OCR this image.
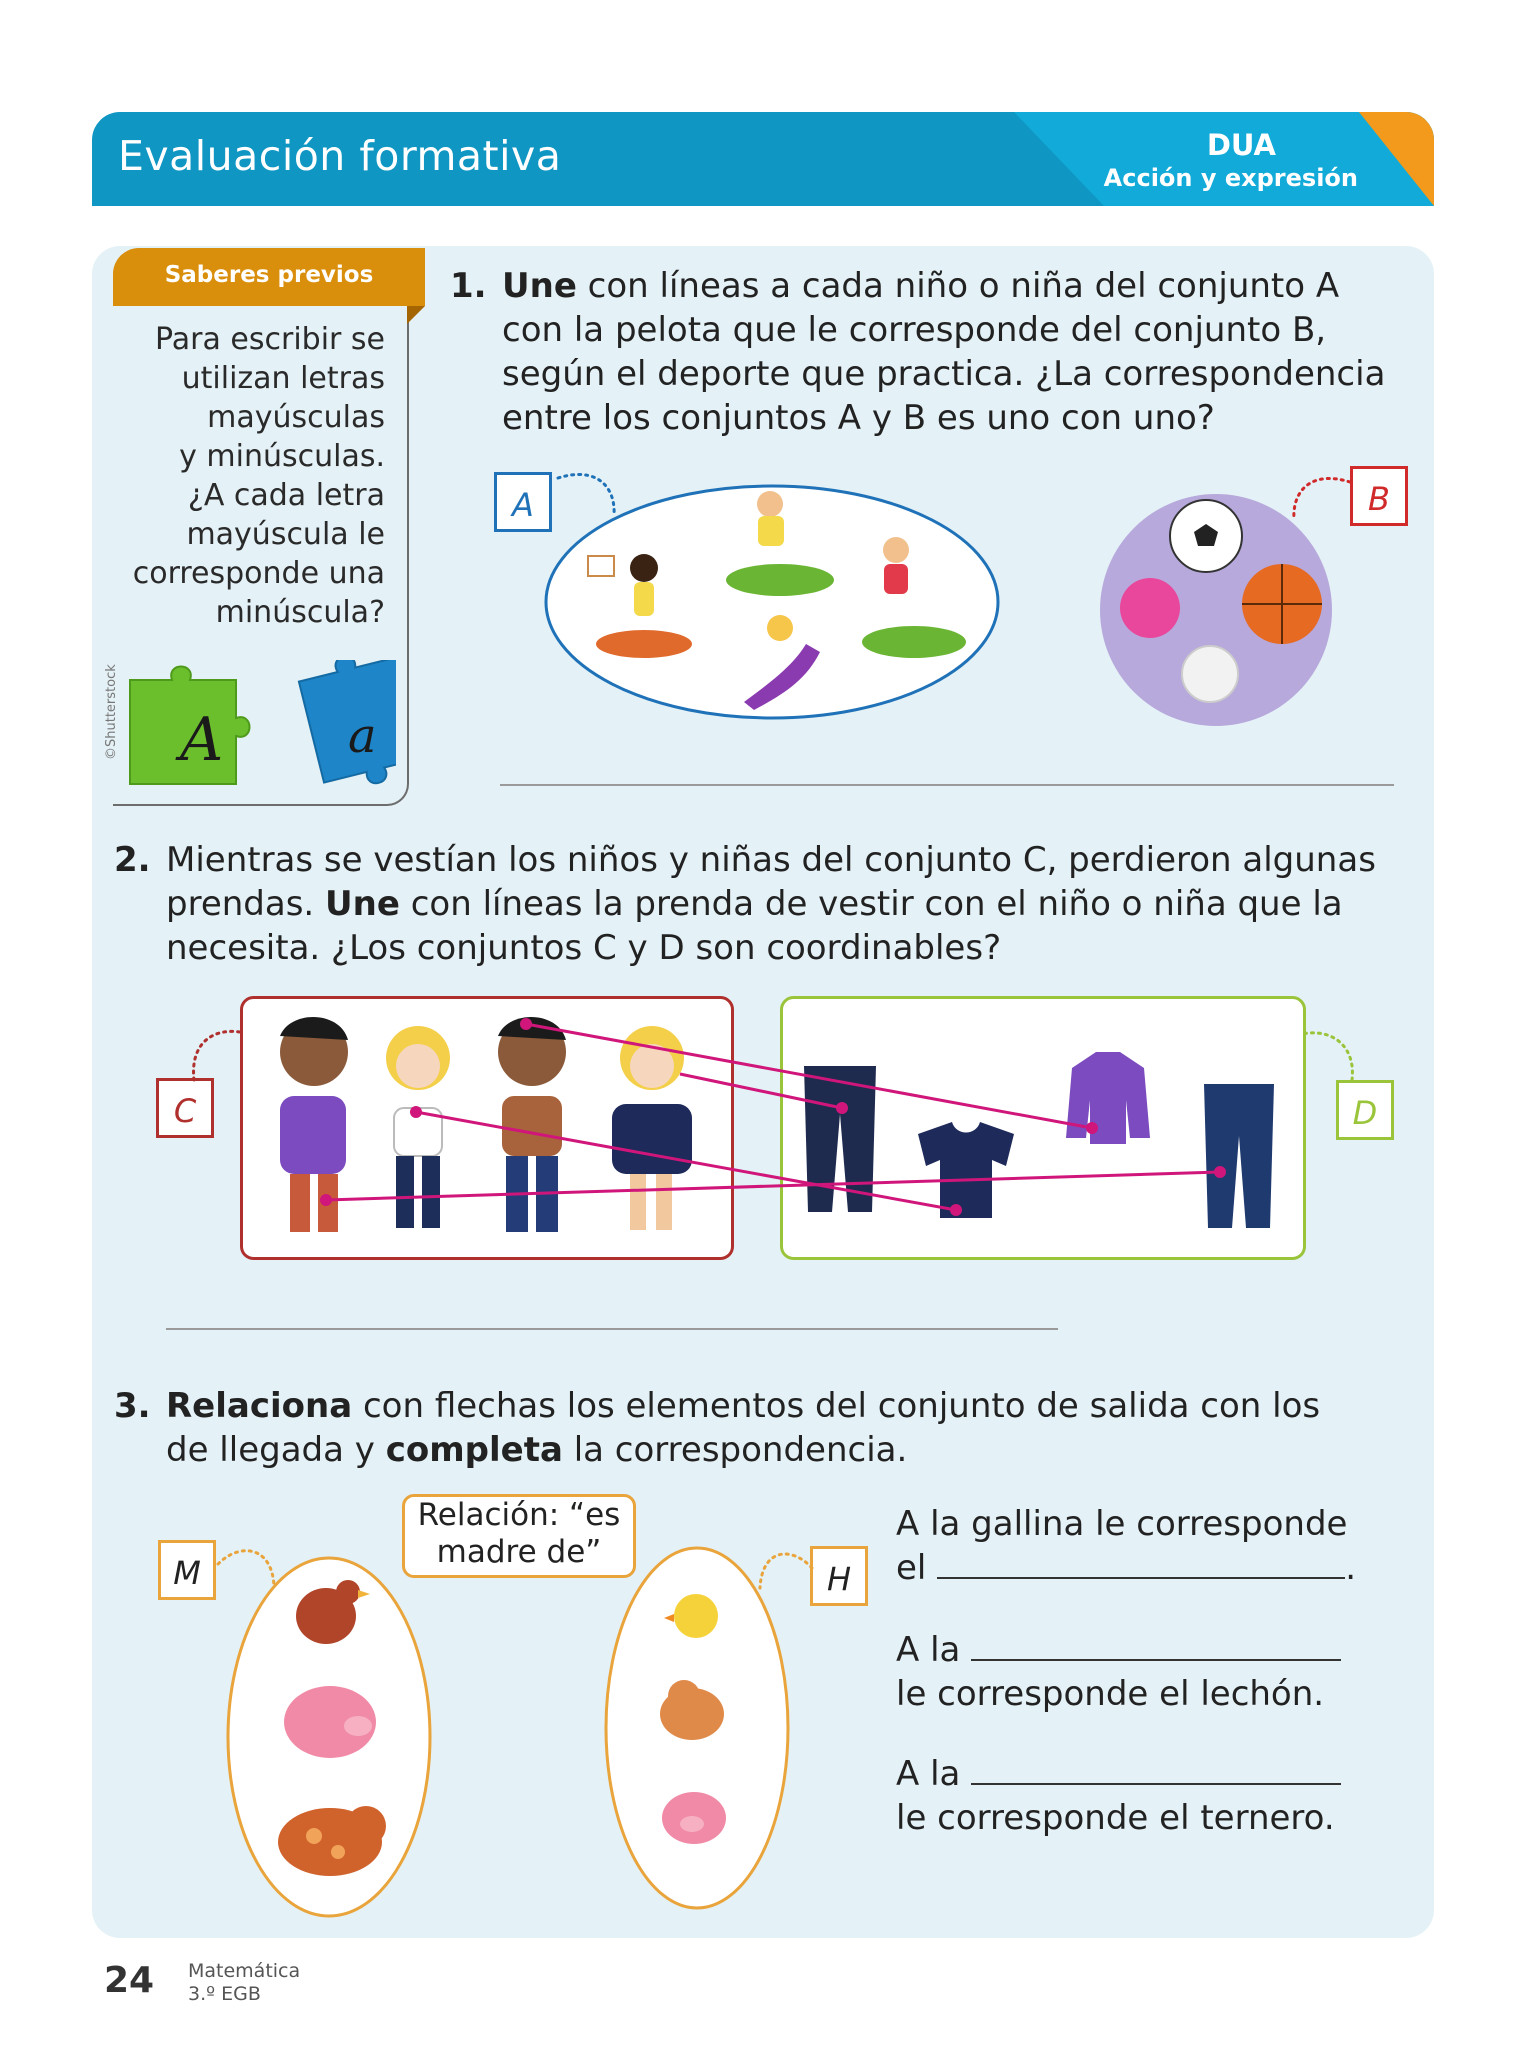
Evaluación formativa	DUA
Acción y expresión
Saberes previos
Para escribir se
utilizan letras
mayúsculas
y minúsculas.
¿A cada letra
mayúscula le
corresponde una
minúscula?
©Shutterstock A	a
1. Une con líneas a cada niño o niña del conjunto A
con la pelota que le corresponde del conjunto B,
según el deporte que practica. ¿La correspondencia
entre los conjuntos A y B es uno con uno?
A	B
2. Mientras se vestían los niños y niñas del conjunto C, perdieron algunas
prendas. Une con líneas la prenda de vestir con el niño o niña que la
necesita. ¿Los conjuntos C y D son coordinables?
C	D
3. Relaciona con flechas los elementos del conjunto de salida con los
de llegada y completa la correspondencia.
Relación: “es
madre de”
M	H
A la gallina le corresponde
el	.
A la
le corresponde el lechón.
A la
le corresponde el ternero.
24 Matemática
3.º EGB
